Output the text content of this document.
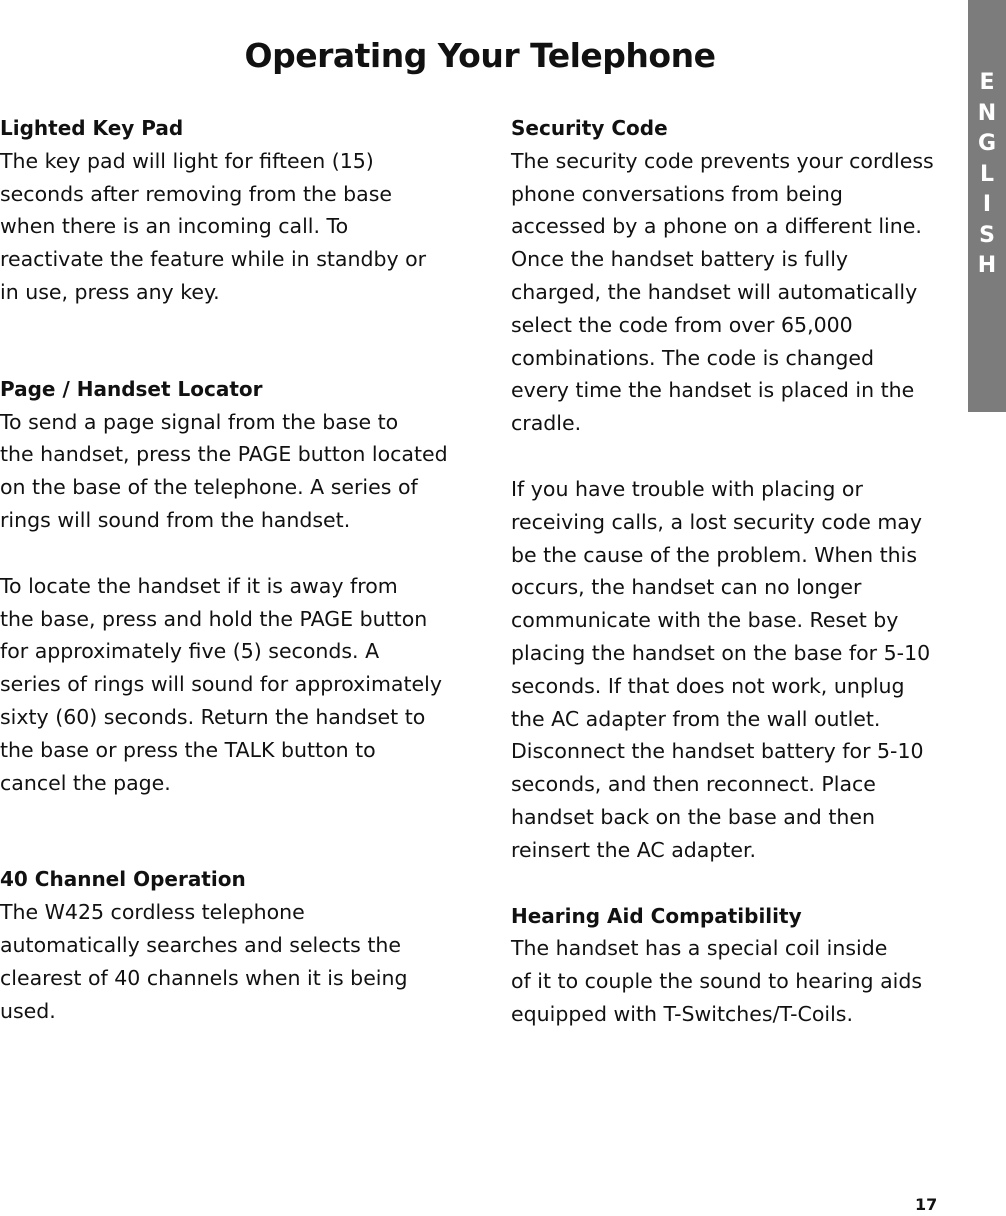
Operating Your Telephone
E
N
G
L
I
S
H
Lighted Key Pad

The key pad will light for fifteen (15)
seconds after removing from the base
when there is an incoming call. To
reactivate the feature while in standby or
in use, press any key.

Page / Handset Locator

To send a page signal from the base to
the handset, press the PAGE button located
on the base of the telephone. A series of
rings will sound from the handset.

To locate the handset if it is away from
the base, press and hold the PAGE button
for approximately five (5) seconds. A
series of rings will sound for approximately
sixty (60) seconds. Return the handset to
the base or press the TALK button to
cancel the page.

40 Channel Operation

The W425 cordless telephone
automatically searches and selects the
clearest of 40 channels when it is being
used.

Security Code

The security code prevents your cordless
phone conversations from being
accessed by a phone on a different line.
Once the handset battery is fully
charged, the handset will automatically
select the code from over 65,000
combinations. The code is changed
every time the handset is placed in the
cradle.

If you have trouble with placing or
receiving calls, a lost security code may
be the cause of the problem. When this
occurs, the handset can no longer
communicate with the base. Reset by
placing the handset on the base for 5-10
seconds. If that does not work, unplug
the AC adapter from the wall outlet.
Disconnect the handset battery for 5-10
seconds, and then reconnect. Place
handset back on the base and then
reinsert the AC adapter.

Hearing Aid Compatibility

The handset has a special coil inside
of it to couple the sound to hearing aids
equipped with T-Switches/T-Coils.

17
